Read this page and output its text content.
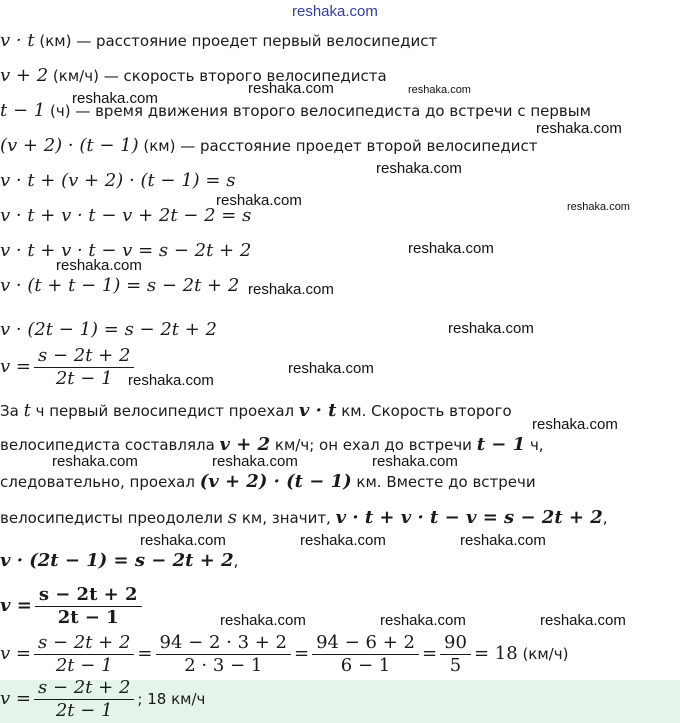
reshaka.com
v · t (км) — расстояние проедет первый велосипедист
v + 2 (км/ч) — скорость второго велосипедиста
t − 1 (ч) — время движения второго велосипедиста до встречи с первым
(v + 2) · (t − 1) (км) — расстояние проедет второй велосипедист
v · t + (v + 2) · (t − 1) = s
v · t + v · t − v + 2t − 2 = s
v · t + v · t − v = s − 2t + 2
v · (t + t − 1) = s − 2t + 2
v · (2t − 1) = s − 2t + 2
$v = \frac{s - 2t + 2}{2t - 1}$
За t ч первый велосипедист проехал v · t км. Скорость второго
велосипедиста составляла v + 2 км/ч; он ехал до встречи t − 1 ч,
следовательно, проехал (v + 2) · (t − 1) км. Вместе до встречи
велосипедисты преодолели s км, значит, v · t + v · t − v = s − 2t + 2,
v · (2t − 1) = s − 2t + 2,
$v = \frac{s - 2t + 2}{2t - 1}$
$v = \frac{s - 2t + 2}{2t - 1} = \frac{94 - 2 \cdot 3 + 2}{2 \cdot 3 - 1} = \frac{94 - 6 + 2}{6 - 1} = \frac{90}{5} = 18$ (км/ч)
$v = \frac{s - 2t + 2}{2t - 1}$ ; 18 км/ч
reshaka.com	reshaka.com
reshaka.com
reshaka.com
reshaka.com
reshaka.com	reshaka.com
reshaka.com
reshaka.com
reshaka.com
reshaka.com
reshaka.com
reshaka.com
reshaka.com
reshaka.com	reshaka.com	reshaka.com
reshaka.com	reshaka.com	reshaka.com
reshaka.com	reshaka.com	reshaka.com
